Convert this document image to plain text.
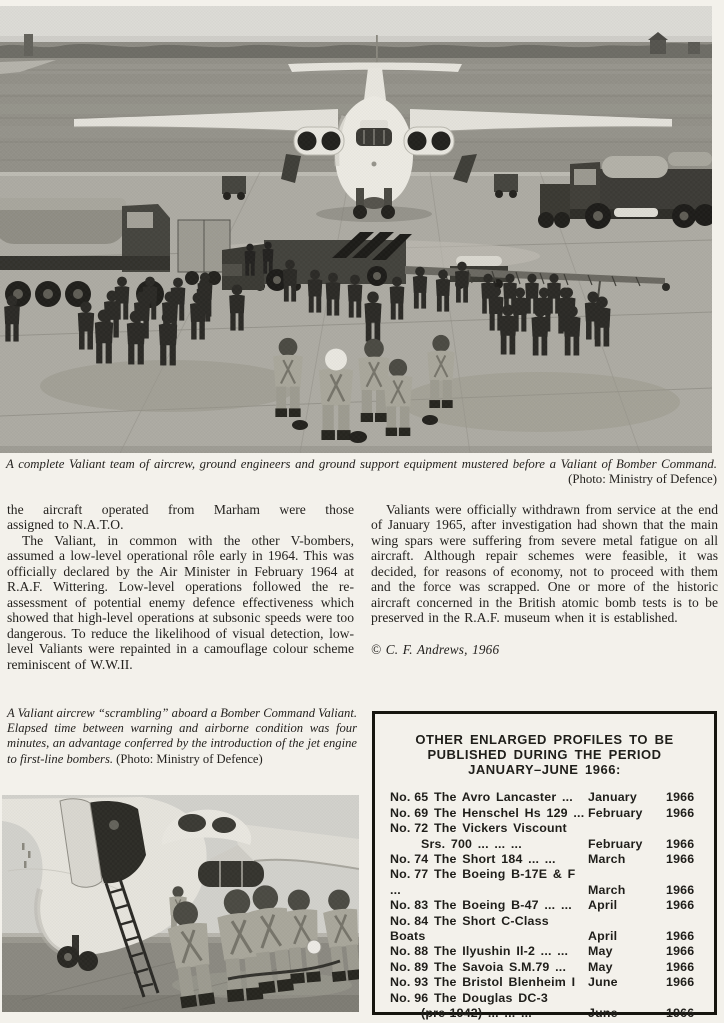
A complete Valiant team of aircrew, ground engineers and ground support equipment mustered before a Valiant of Bomber Command.
(Photo: Ministry of Defence)

the aircraft operated from Marham were those
assigned to N.A.T.O.

The Valiant, in common with the other V-bombers, assumed a low-level operational rôle early in 1964. This was officially declared by the Air Minister in February 1964 at R.A.F. Wittering. Low-level operations followed the re-assessment of potential enemy defence effectiveness which showed that high-level operations at subsonic speeds were too dangerous. To reduce the likelihood of visual detection, low-level Valiants were repainted in a camouflage colour scheme reminiscent of W.W.II.

Valiants were officially withdrawn from service at the end of January 1965, after investigation had shown that the main wing spars were suffering from severe metal fatigue on all aircraft. Although repair schemes were feasible, it was decided, for reasons of economy, not to proceed with them and the force was scrapped. One or more of the historic aircraft concerned in the British atomic bomb tests is to be preserved in the R.A.F. museum when it is established.

© C. F. Andrews, 1966

A Valiant aircrew “scrambling” aboard a Bomber Command Valiant. Elapsed time between warning and airborne condition was four minutes, an advantage conferred by the introduction of the jet engine to first-line bombers. (Photo: Ministry of Defence)

OTHER ENLARGED PROFILES TO BE
PUBLISHED DURING THE PERIOD
JANUARY–JUNE 1966:
No. 65 The Avro Lancaster ...	January	1966
No. 69 The Henschel Hs 129 ... February	1966
No. 72 The Vickers Viscount
Srs. 700 ... ... ...	February	1966
No. 74 The Short 184 ... ...	March	1966
No. 77 The Boeing B-17E & F ...	March	1966
No. 83 The Boeing B-47 ... ...	April	1966
No. 84 The Short C-Class Boats	April	1966
No. 88 The Ilyushin Il-2 ... ...	May	1966
No. 89 The Savoia S.M.79 ...	May	1966
No. 93 The Bristol Blenheim I	June	1966
No. 96 The Douglas DC-3
(pre-1942) ... ... ...	June	1966
